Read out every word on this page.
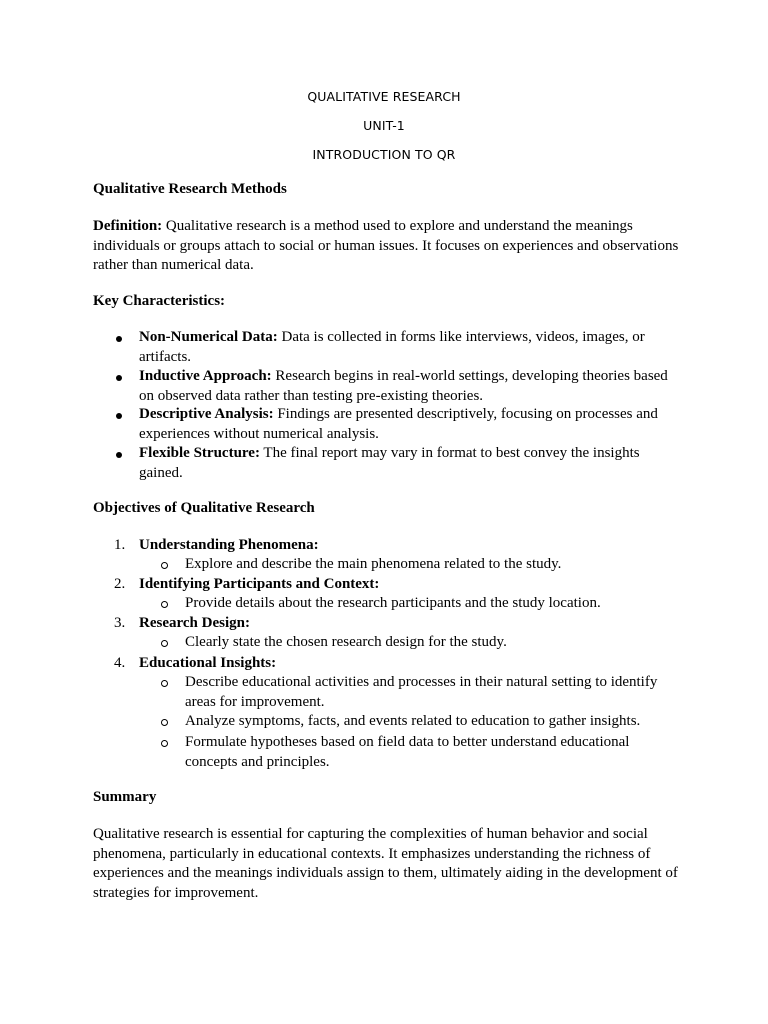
QUALITATIVE RESEARCH
UNIT-1
INTRODUCTION TO QR
Qualitative Research Methods
Definition: Qualitative research is a method used to explore and understand the meanings individuals or groups attach to social or human issues. It focuses on experiences and observations rather than numerical data.
Key Characteristics:
Non-Numerical Data: Data is collected in forms like interviews, videos, images, or artifacts.
Inductive Approach: Research begins in real-world settings, developing theories based on observed data rather than testing pre-existing theories.
Descriptive Analysis: Findings are presented descriptively, focusing on processes and experiences without numerical analysis.
Flexible Structure: The final report may vary in format to best convey the insights gained.
Objectives of Qualitative Research
1. Understanding Phenomena:
Explore and describe the main phenomena related to the study.
2. Identifying Participants and Context:
Provide details about the research participants and the study location.
3. Research Design:
Clearly state the chosen research design for the study.
4. Educational Insights:
Describe educational activities and processes in their natural setting to identify areas for improvement.
Analyze symptoms, facts, and events related to education to gather insights.
Formulate hypotheses based on field data to better understand educational concepts and principles.
Summary
Qualitative research is essential for capturing the complexities of human behavior and social phenomena, particularly in educational contexts. It emphasizes understanding the richness of experiences and the meanings individuals assign to them, ultimately aiding in the development of strategies for improvement.
